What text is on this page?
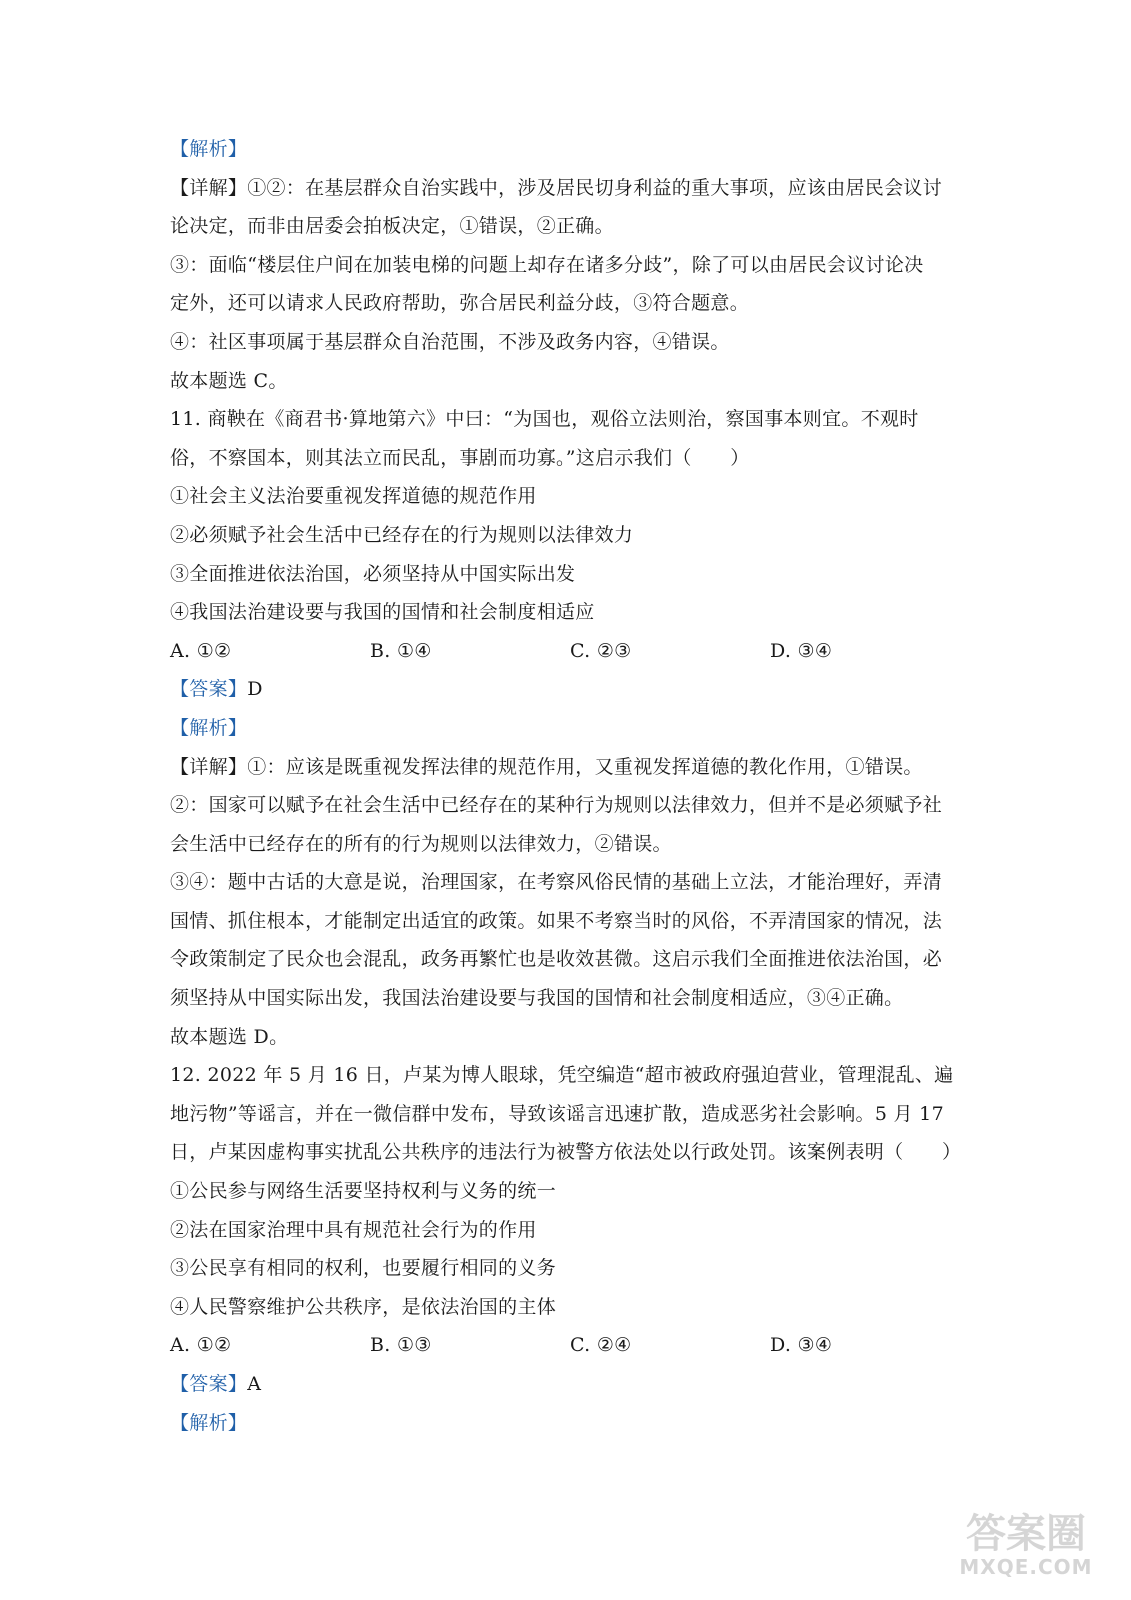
【解析】
【详解】①②：在基层群众自治实践中，涉及居民切身利益的重大事项，应该由居民会议讨
论决定，而非由居委会拍板决定，①错误，②正确。
③：面临“楼层住户间在加装电梯的问题上却存在诸多分歧”，除了可以由居民会议讨论决
定外，还可以请求人民政府帮助，弥合居民利益分歧，③符合题意。
④：社区事项属于基层群众自治范围，不涉及政务内容，④错误。
故本题选 C。
11. 商鞅在《商君书·算地第六》中曰：“为国也，观俗立法则治，察国事本则宜。不观时
俗，不察国本，则其法立而民乱，事剧而功寡。”这启示我们（　　）
①社会主义法治要重视发挥道德的规范作用
②必须赋予社会生活中已经存在的行为规则以法律效力
③全面推进依法治国，必须坚持从中国实际出发
④我国法治建设要与我国的国情和社会制度相适应
A. ①②	B. ①④	C. ②③	D. ③④
【答案】D
【解析】
【详解】①：应该是既重视发挥法律的规范作用，又重视发挥道德的教化作用，①错误。
②：国家可以赋予在社会生活中已经存在的某种行为规则以法律效力，但并不是必须赋予社
会生活中已经存在的所有的行为规则以法律效力，②错误。
③④：题中古话的大意是说，治理国家，在考察风俗民情的基础上立法，才能治理好，弄清
国情、抓住根本，才能制定出适宜的政策。如果不考察当时的风俗，不弄清国家的情况，法
令政策制定了民众也会混乱，政务再繁忙也是收效甚微。这启示我们全面推进依法治国，必
须坚持从中国实际出发，我国法治建设要与我国的国情和社会制度相适应，③④正确。
故本题选 D。
12. 2022 年 5 月 16 日，卢某为博人眼球，凭空编造“超市被政府强迫营业，管理混乱、遍
地污物”等谣言，并在一微信群中发布，导致该谣言迅速扩散，造成恶劣社会影响。5 月 17
日，卢某因虚构事实扰乱公共秩序的违法行为被警方依法处以行政处罚。该案例表明（　　）
①公民参与网络生活要坚持权利与义务的统一
②法在国家治理中具有规范社会行为的作用
③公民享有相同的权利，也要履行相同的义务
④人民警察维护公共秩序，是依法治国的主体
A. ①②	B. ①③	C. ②④	D. ③④
【答案】A
【解析】
答案圈
MXQE.COM
